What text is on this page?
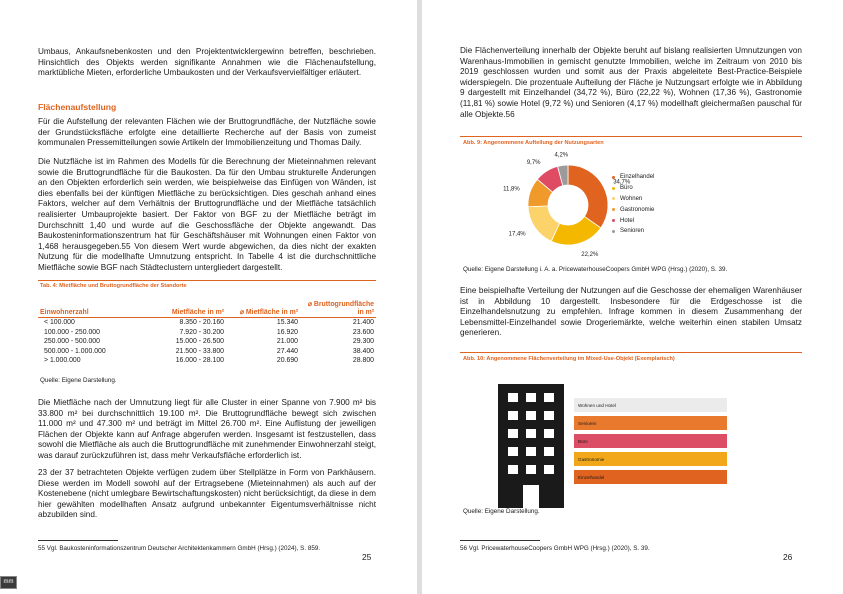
Umbaus, Ankaufsnebenkosten und den Projektentwicklergewinn betreffen, beschrieben. Hinsichtlich des Objekts werden signifikante Annahmen wie die Flächenaufstellung, marktübliche Mieten, erforderliche Umbaukosten und der Verkaufsvervielfältiger erläutert.

Flächenaufstellung

Für die Aufstellung der relevanten Flächen wie der Bruttogrundfläche, der Nutzfläche sowie der Grundstücksfläche erfolgte eine detaillierte Recherche auf der Basis von zumeist kommunalen Pressemitteilungen sowie Artikeln der Immobilienzeitung und Thomas Daily.

Die Nutzfläche ist im Rahmen des Modells für die Berechnung der Mieteinnahmen relevant sowie die Bruttogrundfläche für die Baukosten. Da für den Umbau strukturelle Änderungen an den Objekten erforderlich sein werden, wie beispielweise das Einfügen von Wänden, ist dies ebenfalls bei der künftigen Mietfläche zu berücksichtigen. Dies geschah anhand eines Faktors, welcher auf dem Verhältnis der Bruttogrundfläche und der Mietfläche tatsächlich realisierter Umbauprojekte basiert. Der Faktor von BGF zu der Mietfläche beträgt im Durchschnitt 1,40 und wurde auf die Geschossfläche der Objekte angewandt. Das Baukosteninformationszentrum hat für Geschäftshäuser mit Wohnungen einen Faktor von 1,468 herausgegeben.55 Von diesem Wert wurde abgewichen, da dies nicht der exakten Nutzung für die modellhafte Umnutzung entspricht. In Tabelle 4 ist die durchschnittliche Mietfläche sowie BGF nach Städteclustern untergliedert dargestellt.

Tab. 4: Mietfläche und Bruttogrundfläche der Standorte

Einwohnerzahl	Mietfläche in m²	⌀ Mietfläche in m²	⌀ Bruttogrundfläche in m²
< 100.000	8.350 - 20.160	15.340	21.400
100.000 - 250.000	7.920 - 30.200	16.920	23.600
250.000 - 500.000	15.000 - 26.500	21.000	29.300
500.000 - 1.000.000	21.500 - 33.800	27.440	38.400
> 1.000.000	16.000 - 28.100	20.690	28.800

Quelle: Eigene Darstellung.

Die Mietfläche nach der Umnutzung liegt für alle Cluster in einer Spanne von 7.900 m² bis 33.800 m² bei durchschnittlich 19.100 m². Die Bruttogrundfläche bewegt sich zwischen 11.000 m² und 47.300 m² und beträgt im Mittel 26.700 m². Eine Auflistung der jeweiligen Flächen der Objekte kann auf Anfrage abgerufen werden. Insgesamt ist festzustellen, dass sowohl die Mietfläche als auch die Bruttogrundfläche mit zunehmender Einwohnerzahl steigt, was darauf zurückzuführen ist, dass mehr Verkaufsfläche erforderlich ist.

23 der 37 betrachteten Objekte verfügen zudem über Stellplätze in Form von Parkhäusern. Diese werden im Modell sowohl auf der Ertragsebene (Mieteinnahmen) als auch auf der Kostenebene (nicht umlegbare Bewirtschaftungskosten) nicht berücksichtigt, da diese in dem hier gewählten modellhaften Ansatz aufgrund unbekannter Eigentumsverhältnisse nicht abzubilden sind.

55 Vgl. Baukosteninformationszentrum Deutscher Architektenkammern GmbH (Hrsg.) (2024), S. 859.

25

Die Flächenverteilung innerhalb der Objekte beruht auf bislang realisierten Umnutzungen von Warenhaus-Immobilien in gemischt genutzte Immobilien, welche im Zeitraum von 2010 bis 2019 geschlossen wurden und somit aus der Praxis abgeleitete Best-Practice-Beispiele widerspiegeln. Die prozentuale Aufteilung der Fläche je Nutzungsart erfolgte wie in Abbildung 9 dargestellt mit Einzelhandel (34,72 %), Büro (22,22 %), Wohnen (17,36 %), Gastronomie (11,81 %) sowie Hotel (9,72 %) und Senioren (4,17 %) modellhaft gleichermaßen pauschal für alle Objekte.56

Abb. 9: Angenommene Aufteilung der Nutzungsarten

34,7%
22,2%
17,4%
11,8%
9,7%
4,2%
Einzelhandel
Büro
Wohnen
Gastronomie
Hotel
Senioren

Quelle: Eigene Darstellung i. A. a. PricewaterhouseCoopers GmbH WPG (Hrsg.) (2020), S. 39.

Eine beispielhafte Verteilung der Nutzungen auf die Geschosse der ehemaligen Warenhäuser ist in Abbildung 10 dargestellt. Insbesondere für die Erdgeschosse ist die Einzelhandelsnutzung zu empfehlen. Infrage kommen in diesem Zusammenhang der Lebensmittel-Einzelhandel sowie Drogeriemärkte, welche weiterhin einen stabilen Umsatz generieren.

Abb. 10: Angenommene Flächenverteilung im Mixed-Use-Objekt (Exemplarisch)

Wohnen und Hotel
Senioren
Büro
Gastronomie
Einzelhandel

Quelle: Eigene Darstellung.

56 Vgl. PricewaterhouseCoopers GmbH WPG (Hrsg.) (2020), S. 39.

26

mm
